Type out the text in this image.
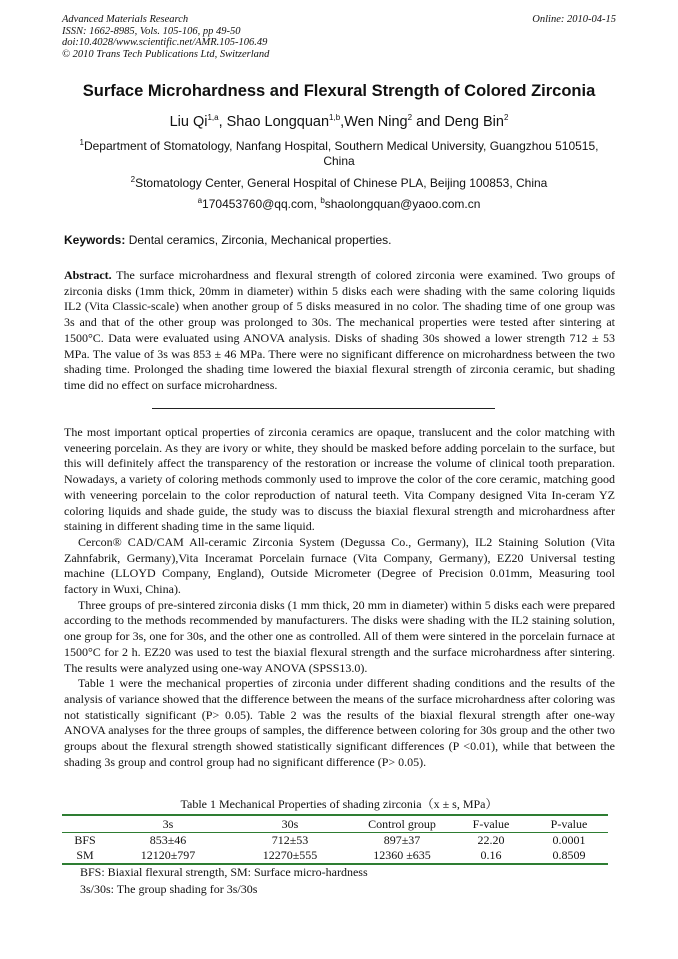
Advanced Materials Research
ISSN: 1662-8985, Vols. 105-106, pp 49-50
doi:10.4028/www.scientific.net/AMR.105-106.49
© 2010 Trans Tech Publications Ltd, Switzerland
Online: 2010-04-15
Surface Microhardness and Flexural Strength of Colored Zirconia
Liu Qi$^{1,a}$, Shao Longquan$^{1,b}$,Wen Ning$^2$ and Deng Bin$^2$
$^1$Department of Stomatology, Nanfang Hospital, Southern Medical University, Guangzhou 510515, China
$^2$Stomatology Center, General Hospital of Chinese PLA, Beijing 100853, China
$^a$170453760@qq.com, $^b$shaolongquan@yaoo.com.cn
Keywords: Dental ceramics, Zirconia, Mechanical properties.

Abstract. The surface microhardness and flexural strength of colored zirconia were examined. Two groups of zirconia disks (1mm thick, 20mm in diameter) within 5 disks each were shading with the same coloring liquids IL2 (Vita Classic-scale) when another group of 5 disks measured in no color. The shading time of one group was 3s and that of the other group was prolonged to 30s. The mechanical properties were tested after sintering at 1500°C. Data were evaluated using ANOVA analysis. Disks of shading 30s showed a lower strength 712 ± 53 MPa. The value of 3s was 853 ± 46 MPa. There were no significant difference on microhardness between the two shading time. Prolonged the shading time lowered the biaxial flexural strength of zirconia ceramic, but shading time did no effect on surface microhardness.

The most important optical properties of zirconia ceramics are opaque, translucent and the color matching with veneering porcelain. As they are ivory or white, they should be masked before adding porcelain to the surface, but this will definitely affect the transparency of the restoration or increase the volume of clinical tooth preparation. Nowadays, a variety of coloring methods commonly used to improve the color of the core ceramic, matching good with veneering porcelain to the color reproduction of natural teeth. Vita Company designed Vita In-ceram YZ coloring liquids and shade guide, the study was to discuss the biaxial flexural strength and microhardness after staining in different shading time in the same liquid.

Cercon® CAD/CAM All-ceramic Zirconia System (Degussa Co., Germany), IL2 Staining Solution (Vita Zahnfabrik, Germany),Vita Inceramat Porcelain furnace (Vita Company, Germany), EZ20 Universal testing machine (LLOYD Company, England), Outside Micrometer (Degree of Precision 0.01mm, Measuring tool factory in Wuxi, China).

Three groups of pre-sintered zirconia disks (1 mm thick, 20 mm in diameter) within 5 disks each were prepared according to the methods recommended by manufacturers. The disks were shading with the IL2 staining solution, one group for 3s, one for 30s, and the other one as controlled. All of them were sintered in the porcelain furnace at 1500°C for 2 h. EZ20 was used to test the biaxial flexural strength and the surface microhardness after sintering. The results were analyzed using one-way ANOVA (SPSS13.0).

Table 1 were the mechanical properties of zirconia under different shading conditions and the results of the analysis of variance showed that the difference between the means of the surface microhardness after coloring was not statistically significant (P> 0.05). Table 2 was the results of the biaxial flexural strength after one-way ANOVA analyses for the three groups of samples, the difference between coloring for 30s group and the other two groups about the flexural strength showed statistically significant differences (P <0.01), while that between the shading 3s group and control group had no significant difference (P> 0.05).

Table 1 Mechanical Properties of shading zirconia（x ± s, MPa）
	3s	30s	Control group	F-value	P-value
BFS	853±46	712±53	897±37	22.20	0.0001
SM	12120±797	12270±555	12360 ±635	0.16	0.8509
BFS: Biaxial flexural strength, SM: Surface micro-hardness
3s/30s: The group shading for 3s/30s
